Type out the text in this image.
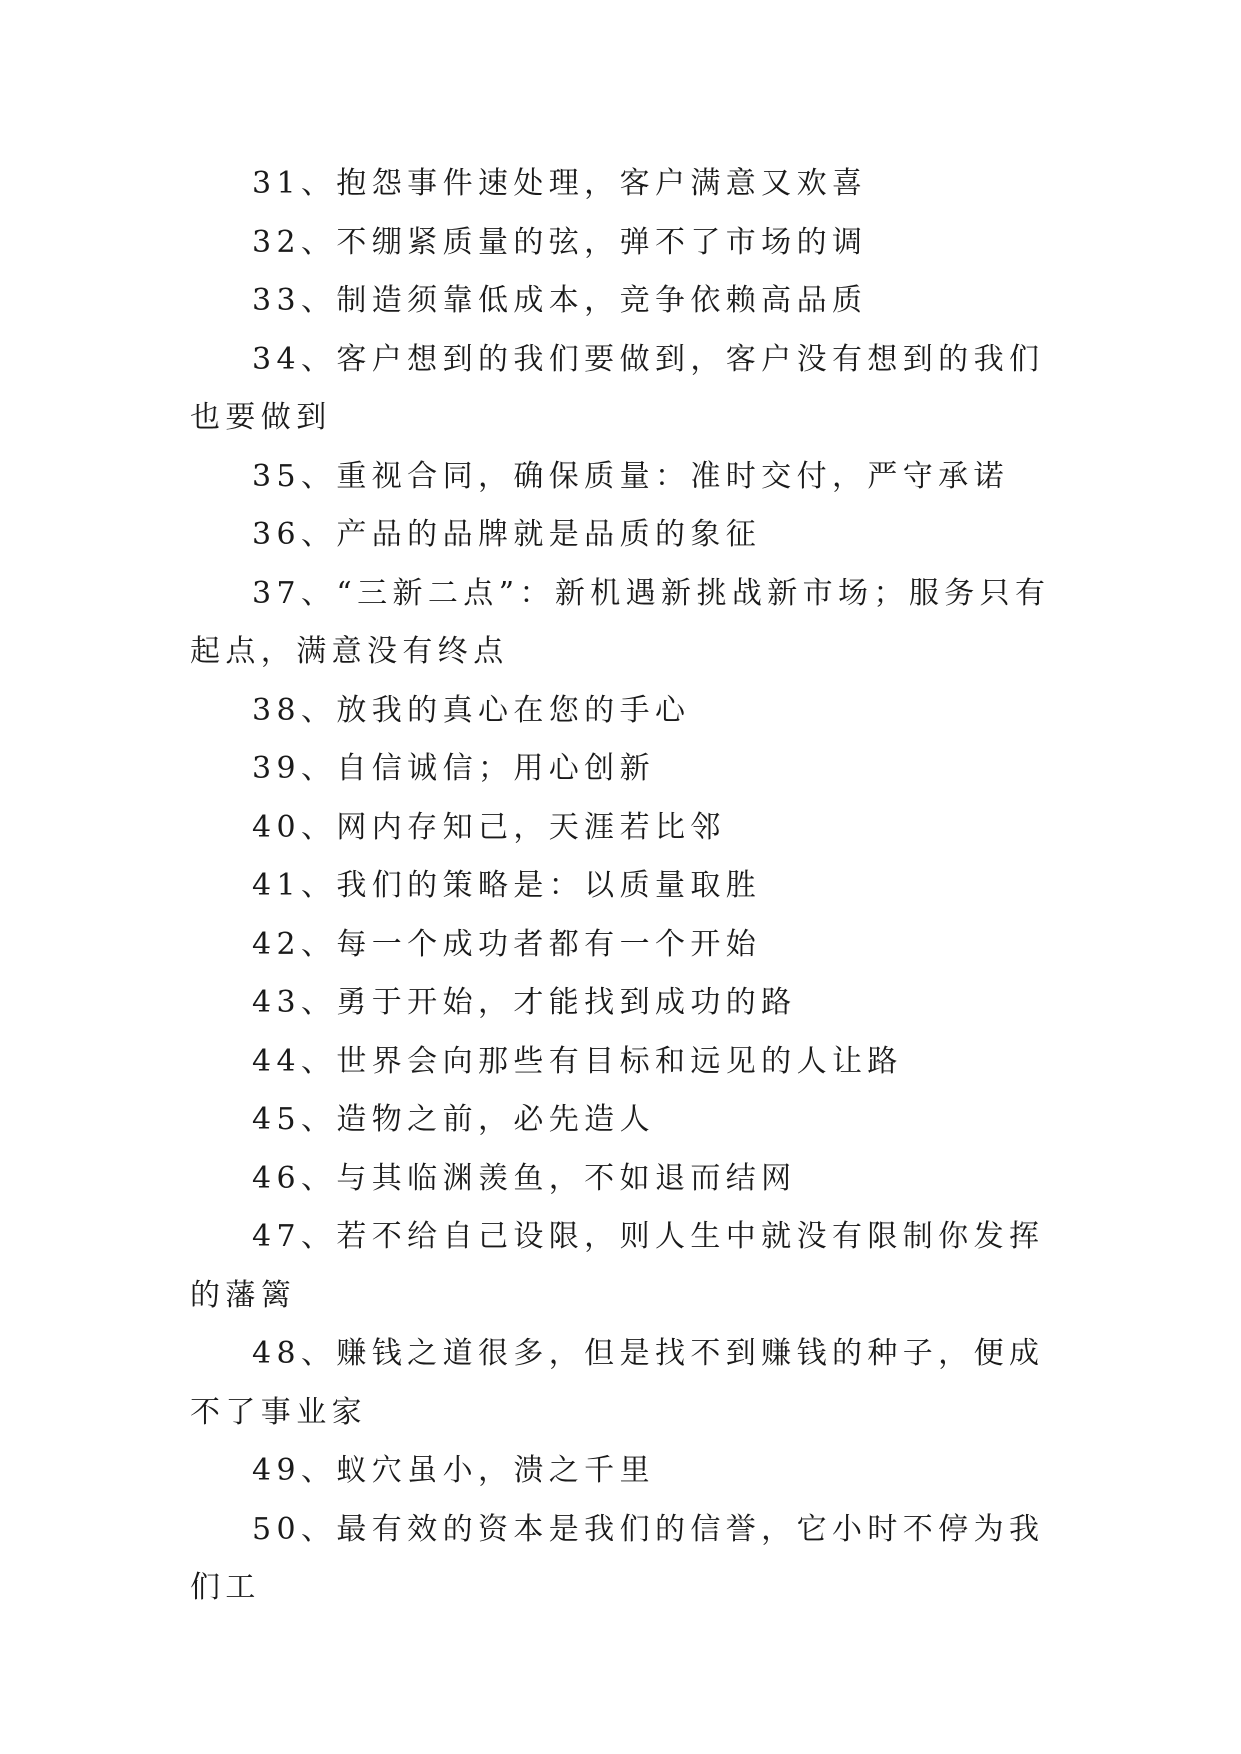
31、抱怨事件速处理，客户满意又欢喜

32、不绷紧质量的弦，弹不了市场的调

33、制造须靠低成本，竞争依赖高品质

34、客户想到的我们要做到，客户没有想到的我们也要做到

35、重视合同，确保质量：准时交付，严守承诺

36、产品的品牌就是品质的象征

37、“三新二点”：新机遇新挑战新市场；服务只有起点，满意没有终点

38、放我的真心在您的手心

39、自信诚信；用心创新

40、网内存知己，天涯若比邻

41、我们的策略是：以质量取胜

42、每一个成功者都有一个开始

43、勇于开始，才能找到成功的路

44、世界会向那些有目标和远见的人让路

45、造物之前，必先造人

46、与其临渊羡鱼，不如退而结网

47、若不给自己设限，则人生中就没有限制你发挥的藩篱

48、赚钱之道很多，但是找不到赚钱的种子，便成不了事业家

49、蚁穴虽小，溃之千里

50、最有效的资本是我们的信誉，它小时不停为我们工
